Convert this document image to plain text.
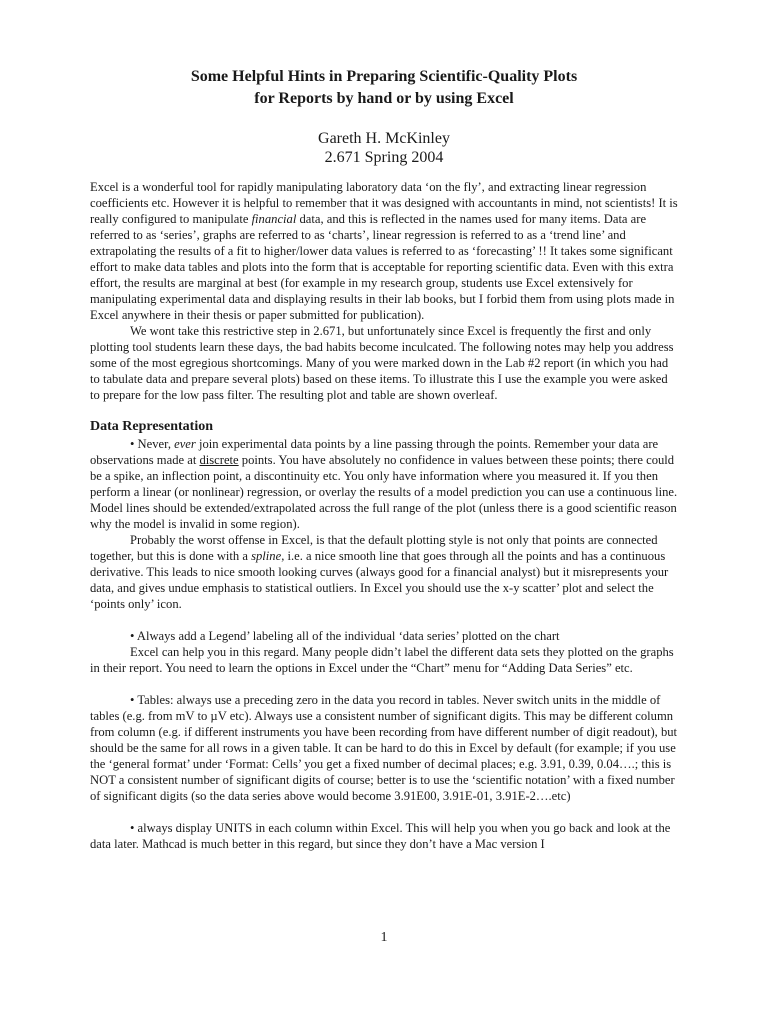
Some Helpful Hints in Preparing Scientific-Quality Plots

for Reports by hand or by using Excel

Gareth H. McKinley

2.671 Spring 2004

Excel is a wonderful tool for rapidly manipulating laboratory data ‘on the fly’, and extracting linear regression coefficients etc. However it is helpful to remember that it was designed with accountants in mind, not scientists! It is really configured to manipulate financial data, and this is reflected in the names used for many items. Data are referred to as ‘series’, graphs are referred to as ‘charts’, linear regression is referred to as a ‘trend line’ and extrapolating the results of a fit to higher/lower data values is referred to as ‘forecasting’ !! It takes some significant effort to make data tables and plots into the form that is acceptable for reporting scientific data. Even with this extra effort, the results are marginal at best (for example in my research group, students use Excel extensively for manipulating experimental data and displaying results in their lab books, but I forbid them from using plots made in Excel anywhere in their thesis or paper submitted for publication).

We wont take this restrictive step in 2.671, but unfortunately since Excel is frequently the first and only plotting tool students learn these days, the bad habits become inculcated. The following notes may help you address some of the most egregious shortcomings. Many of you were marked down in the Lab #2 report (in which you had to tabulate data and prepare several plots) based on these items. To illustrate this I use the example you were asked to prepare for the low pass filter. The resulting plot and table are shown overleaf.

Data Representation

• Never, ever join experimental data points by a line passing through the points. Remember your data are observations made at discrete points. You have absolutely no confidence in values between these points; there could be a spike, an inflection point, a discontinuity etc. You only have information where you measured it. If you then perform a linear (or nonlinear) regression, or overlay the results of a model prediction you can use a continuous line. Model lines should be extended/extrapolated across the full range of the plot (unless there is a good scientific reason why the model is invalid in some region).

Probably the worst offense in Excel, is that the default plotting style is not only that points are connected together, but this is done with a spline, i.e. a nice smooth line that goes through all the points and has a continuous derivative. This leads to nice smooth looking curves (always good for a financial analyst) but it misrepresents your data, and gives undue emphasis to statistical outliers. In Excel you should use the x-y scatter’ plot and select the ‘points only’ icon.

• Always add a Legend’ labeling all of the individual ‘data series’ plotted on the chart

Excel can help you in this regard. Many people didn’t label the different data sets they plotted on the graphs in their report. You need to learn the options in Excel under the “Chart” menu for “Adding Data Series” etc.

• Tables: always use a preceding zero in the data you record in tables. Never switch units in the middle of tables (e.g. from mV to µV etc). Always use a consistent number of significant digits. This may be different column from column (e.g. if different instruments you have been recording from have different number of digit readout), but should be the same for all rows in a given table. It can be hard to do this in Excel by default (for example; if you use the ‘general format’ under ‘Format: Cells’ you get a fixed number of decimal places; e.g. 3.91, 0.39, 0.04….; this is NOT a consistent number of significant digits of course; better is to use the ‘scientific notation’ with a fixed number of significant digits (so the data series above would become 3.91E00, 3.91E-01, 3.91E-2….etc)

• always display UNITS in each column within Excel. This will help you when you go back and look at the data later. Mathcad is much better in this regard, but since they don’t have a Mac version I

1
